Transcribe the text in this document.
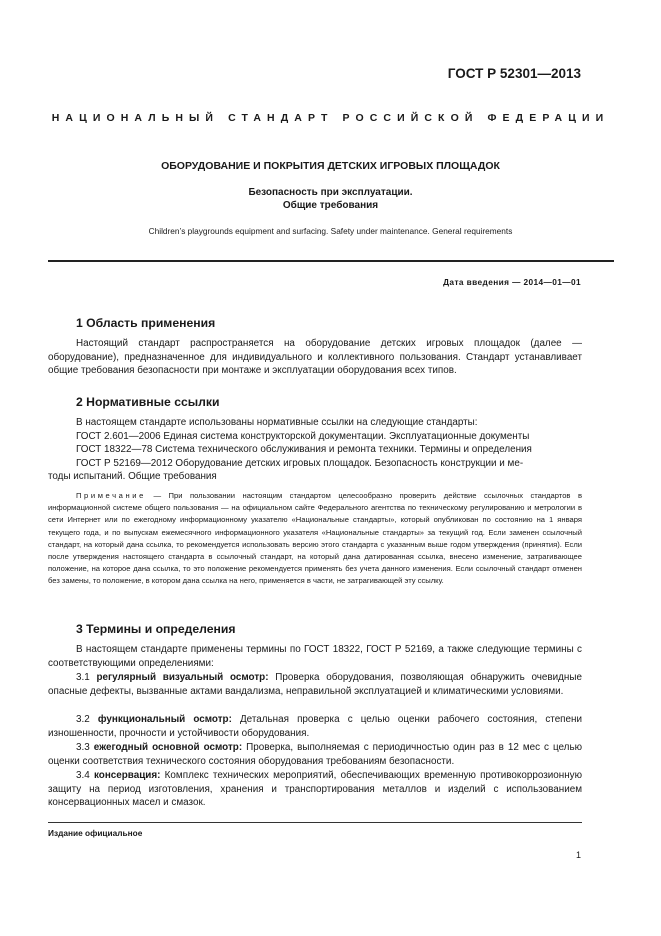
ГОСТ Р 52301—2013
НАЦИОНАЛЬНЫЙ СТАНДАРТ РОССИЙСКОЙ ФЕДЕРАЦИИ
ОБОРУДОВАНИЕ И ПОКРЫТИЯ ДЕТСКИХ ИГРОВЫХ ПЛОЩАДОК
Безопасность при эксплуатации.
Общие требования
Children’s playgrounds equipment and surfacing. Safety under maintenance. General requirements
Дата введения — 2014—01—01
1 Область применения
Настоящий стандарт распространяется на оборудование детских игровых площадок (далее — оборудование), предназначенное для индивидуального и коллективного пользования. Стандарт устанавливает общие требования безопасности при монтаже и эксплуатации оборудования всех типов.
2 Нормативные ссылки
В настоящем стандарте использованы нормативные ссылки на следующие стандарты:
ГОСТ 2.601—2006 Единая система конструкторской документации. Эксплуатационные документы
ГОСТ 18322—78 Система технического обслуживания и ремонта техники. Термины и определения
ГОСТ Р 52169—2012 Оборудование детских игровых площадок. Безопасность конструкции и ме-
тоды испытаний. Общие требования
Примечание — При пользовании настоящим стандартом целесообразно проверить действие ссылочных стандартов в информационной системе общего пользования — на официальном сайте Федерального агентства по техническому регулированию и метрологии в сети Интернет или по ежегодному информационному указателю «Национальные стандарты», который опубликован по состоянию на 1 января текущего года, и по выпускам ежемесячного информационного указателя «Национальные стандарты» за текущий год. Если заменен ссылочный стандарт, на который дана ссылка, то рекомендуется использовать версию этого стандарта с указанным выше годом утверждения (принятия). Если после утверждения настоящего стандарта в ссылочный стандарт, на который дана датированная ссылка, внесено изменение, затрагивающее положение, на которое дана ссылка, то это положение рекомендуется применять без учета данного изменения. Если ссылочный стандарт отменен без замены, то положение, в котором дана ссылка на него, применяется в части, не затрагивающей эту ссылку.
3 Термины и определения
В настоящем стандарте применены термины по ГОСТ 18322, ГОСТ Р 52169, а также следующие термины с соответствующими определениями:
3.1 регулярный визуальный осмотр: Проверка оборудования, позволяющая обнаружить очевидные опасные дефекты, вызванные актами вандализма, неправильной эксплуатацией и климатическими условиями.
3.2 функциональный осмотр: Детальная проверка с целью оценки рабочего состояния, степени изношенности, прочности и устойчивости оборудования.
3.3 ежегодный основной осмотр: Проверка, выполняемая с периодичностью один раз в 12 мес с целью оценки соответствия технического состояния оборудования требованиям безопасности.
3.4 консервация: Комплекс технических мероприятий, обеспечивающих временную противокоррозионную защиту на период изготовления, хранения и транспортирования металлов и изделий с использованием консервационных масел и смазок.
Издание официальное
1
